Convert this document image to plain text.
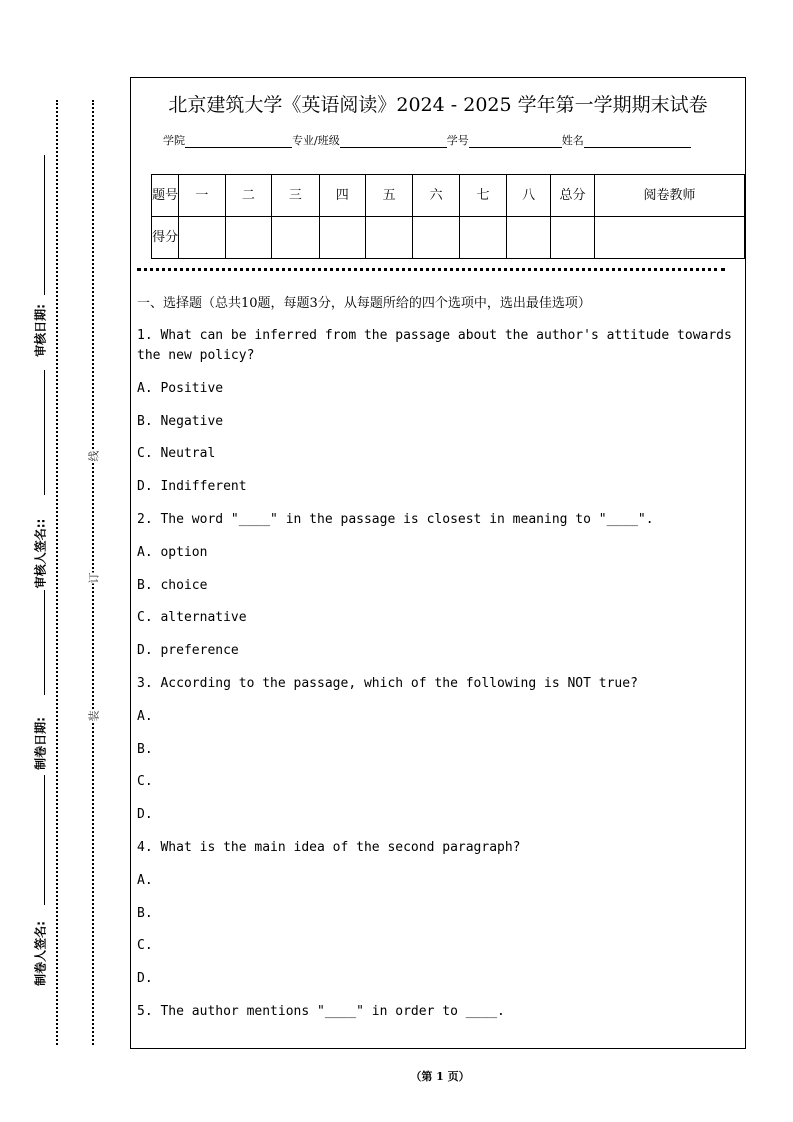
审核日期:
审核人签名::
制卷日期:
制卷人签名:
线
订
装
北京建筑大学《英语阅读》2024 - 2025 学年第一学期期末试卷
学院	专业/班级	学号	姓名
题号	一	二	三	四	五	六	七	八	总分	阅卷教师
得分										
一、选择题（总共10题，每题3分，从每题所给的四个选项中，选出最佳选项）
1. What can be inferred from the passage about the author's attitude towards the new policy?
A. Positive
B. Negative
C. Neutral
D. Indifferent
2. The word "____" in the passage is closest in meaning to "____".
A. option
B. choice
C. alternative
D. preference
3. According to the passage, which of the following is NOT true?
A.
B.
C.
D.
4. What is the main idea of the second paragraph?
A.
B.
C.
D.
5. The author mentions "____" in order to ____.
（第 1 页）
